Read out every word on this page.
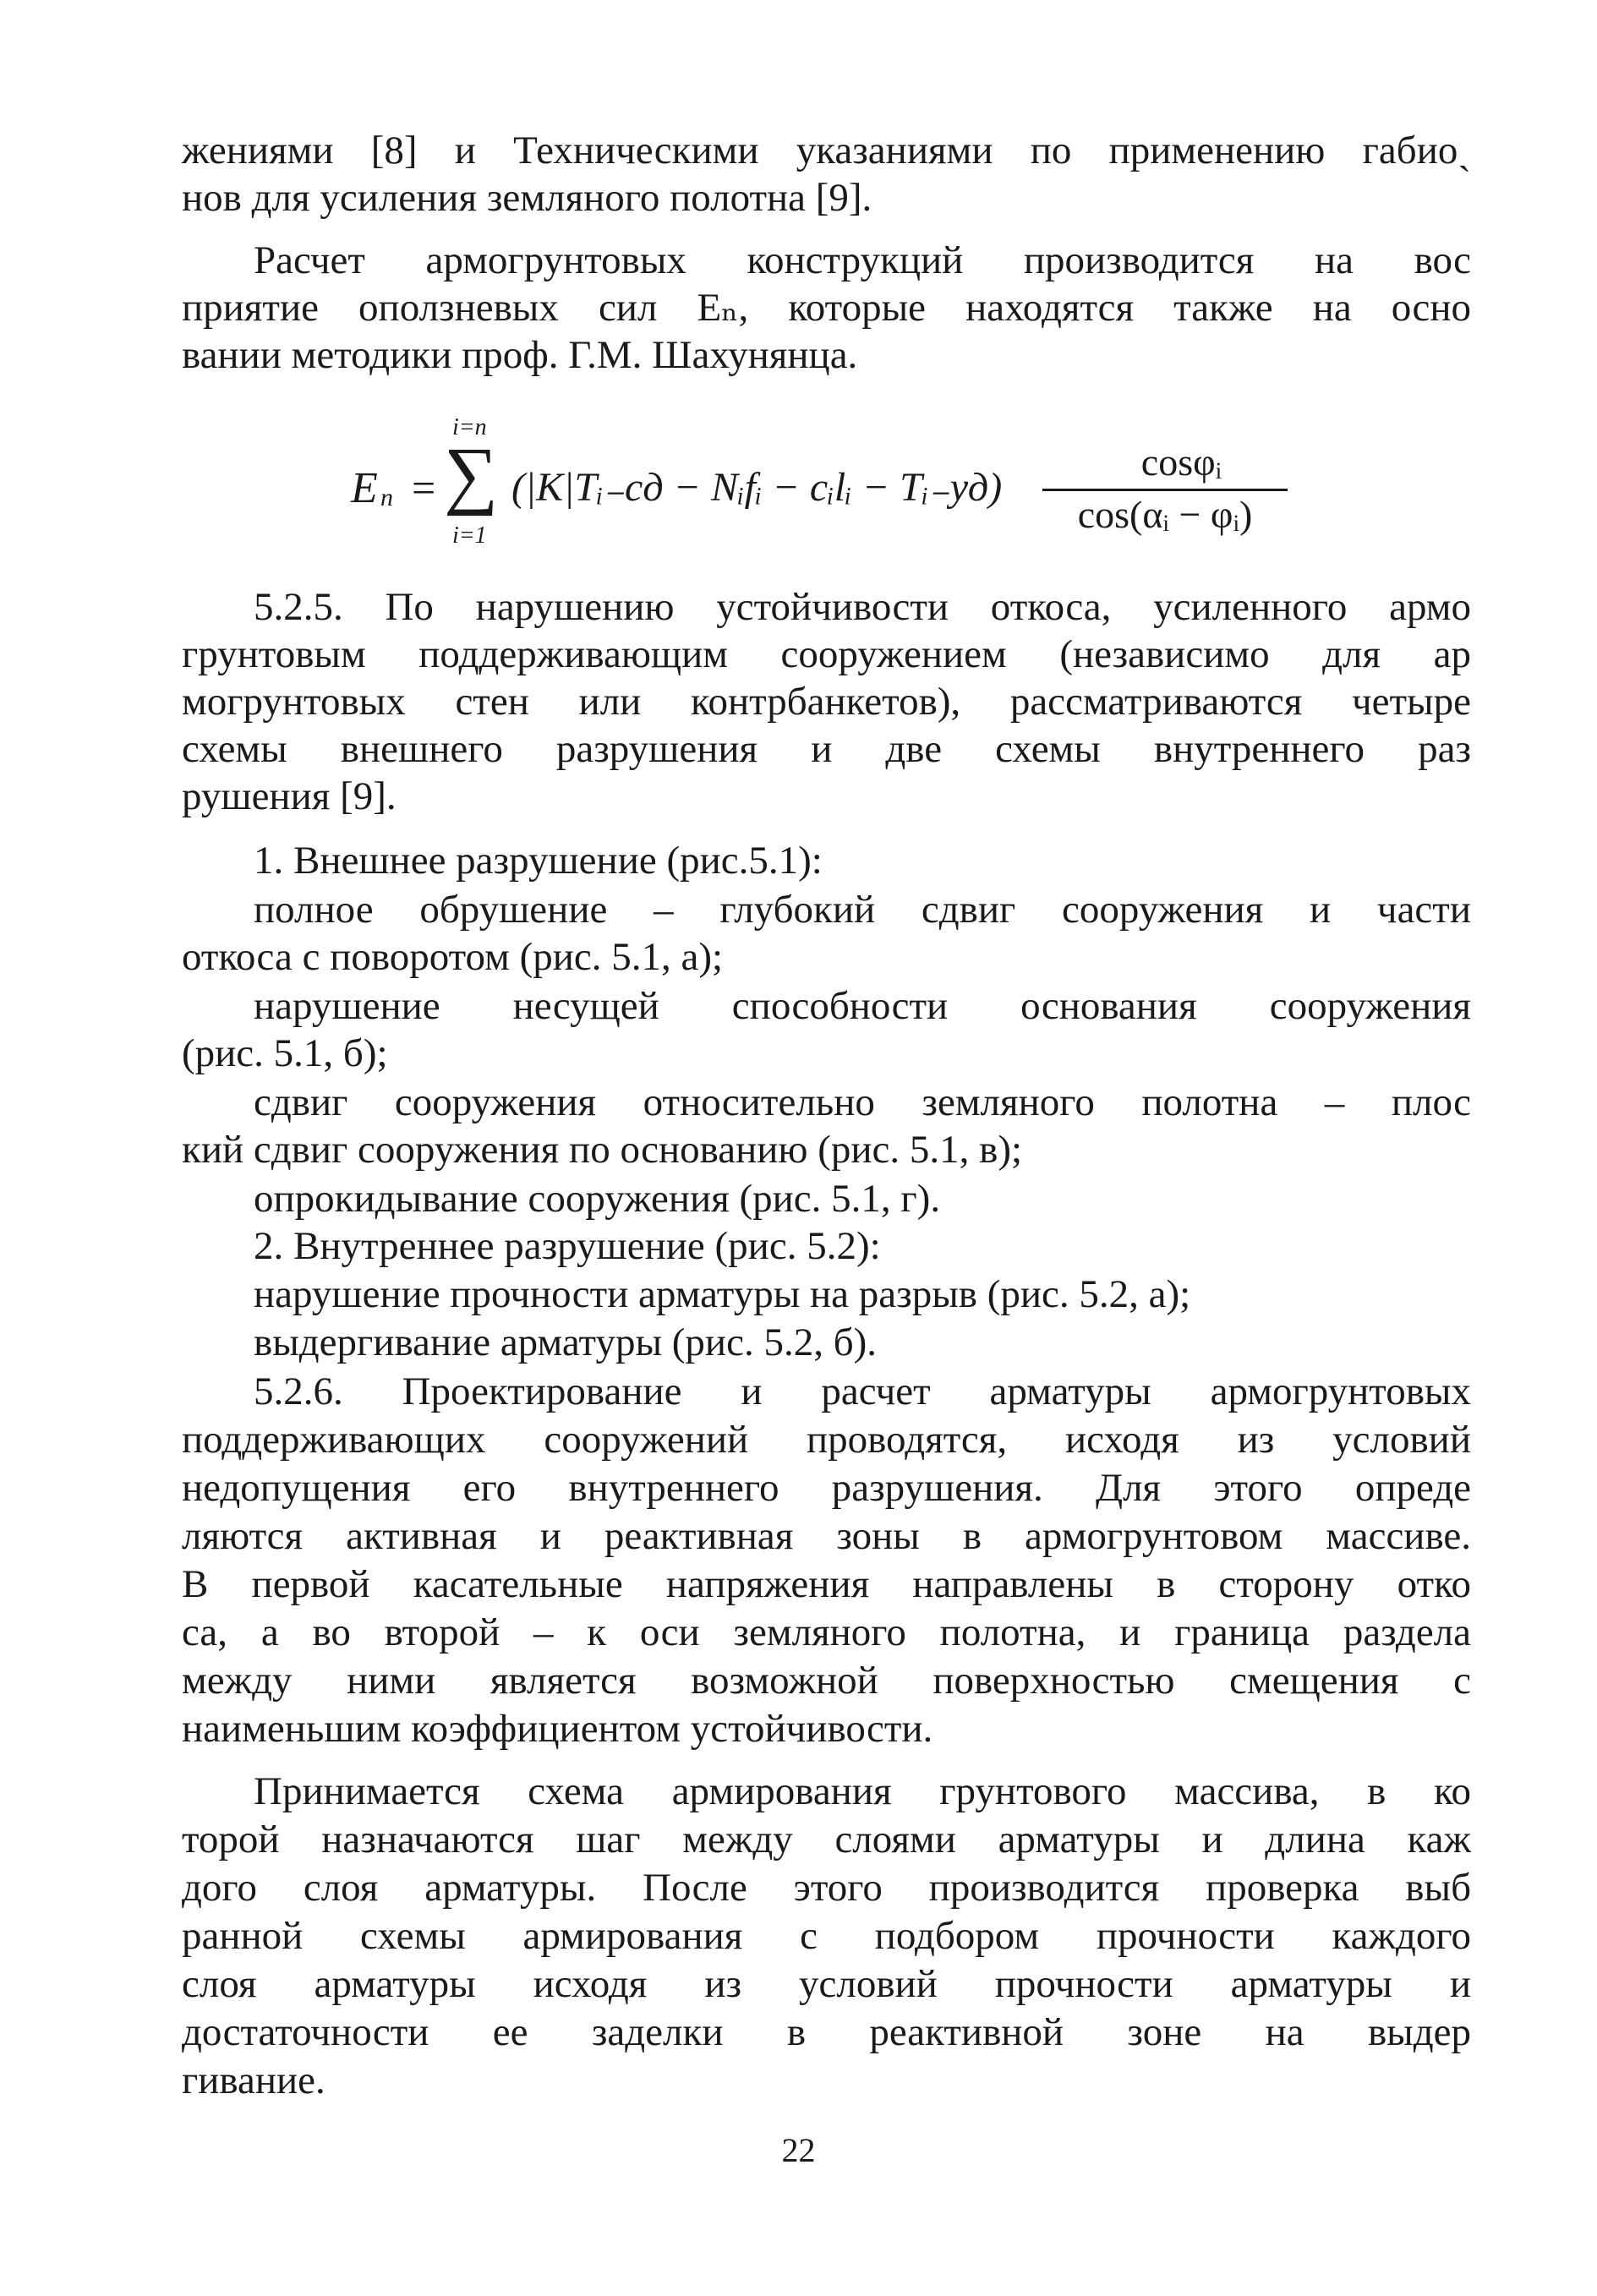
жениями [8] и Техническими указаниями по применению габиоˎ
нов для усиления земляного полотна [9].
Расчет армогрунтовых конструкций производится на вос
приятие оползневых сил Eₙ, которые находятся также на осно
вании методики проф. Г.М. Шахунянца.
E n =
i=n
∑
i=1
(|K|Tᵢ₋сд − Nᵢfᵢ − cᵢlᵢ − Tᵢ₋уд)
cosφᵢ
cos(αᵢ − φᵢ)
5.2.5. По нарушению устойчивости откоса, усиленного армо
грунтовым поддерживающим сооружением (независимо для ар
могрунтовых стен или контрбанкетов), рассматриваются четыре
схемы внешнего разрушения и две схемы внутреннего раз
рушения [9].
1. Внешнее разрушение (рис.5.1):
полное обрушение – глубокий сдвиг сооружения и части
откоса с поворотом (рис. 5.1, а);
нарушение несущей способности основания сооружения
(рис. 5.1, б);
сдвиг сооружения относительно земляного полотна – плос
кий сдвиг сооружения по основанию (рис. 5.1, в);
опрокидывание сооружения (рис. 5.1, г).
2. Внутреннее разрушение (рис. 5.2):
нарушение прочности арматуры на разрыв (рис. 5.2, а);
выдергивание арматуры (рис. 5.2, б).
5.2.6. Проектирование и расчет арматуры армогрунтовых
поддерживающих сооружений проводятся, исходя из условий
недопущения его внутреннего разрушения. Для этого опреде
ляются активная и реактивная зоны в армогрунтовом массиве.
В первой касательные напряжения направлены в сторону отко
са, а во второй – к оси земляного полотна, и граница раздела
между ними является возможной поверхностью смещения с
наименьшим коэффициентом устойчивости.
Принимается схема армирования грунтового массива, в ко
торой назначаются шаг между слоями арматуры и длина каж
дого слоя арматуры. После этого производится проверка выб
ранной схемы армирования с подбором прочности каждого
слоя арматуры исходя из условий прочности арматуры и
достаточности ее заделки в реактивной зоне на выдер
гивание.
22
